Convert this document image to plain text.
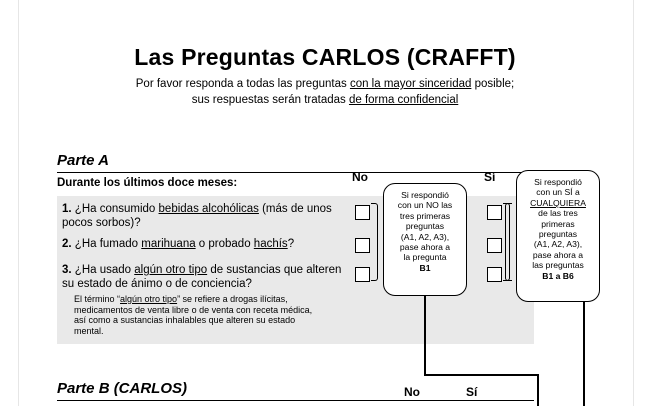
Las Preguntas CARLOS (CRAFFT)
Por favor responda a todas las preguntas con la mayor sinceridad posible;
sus respuestas serán tratadas de forma confidencial
Parte A
Durante los últimos doce meses:	No	Sí
1. ¿Ha consumido bebidas alcohólicas (más de unos pocos sorbos)?
2. ¿Ha fumado marihuana o probado hachís?
3. ¿Ha usado algún otro tipo de sustancias que alteren su estado de ánimo o de conciencia?
El término “algún otro tipo” se refiere a drogas ilícitas, medicamentos de venta libre o de venta con receta médica, así como a sustancias inhalables que alteren su estado mental.
Si respondió
con un NO las
tres primeras
preguntas
(A1, A2, A3),
pase ahora a
la pregunta
B1
Si respondió
con un SÍ a
CUALQUIERA
de las tres
primeras
preguntas
(A1, A2, A3),
pase ahora a
las preguntas
B1 a B6
Parte B (CARLOS)	No	Sí
